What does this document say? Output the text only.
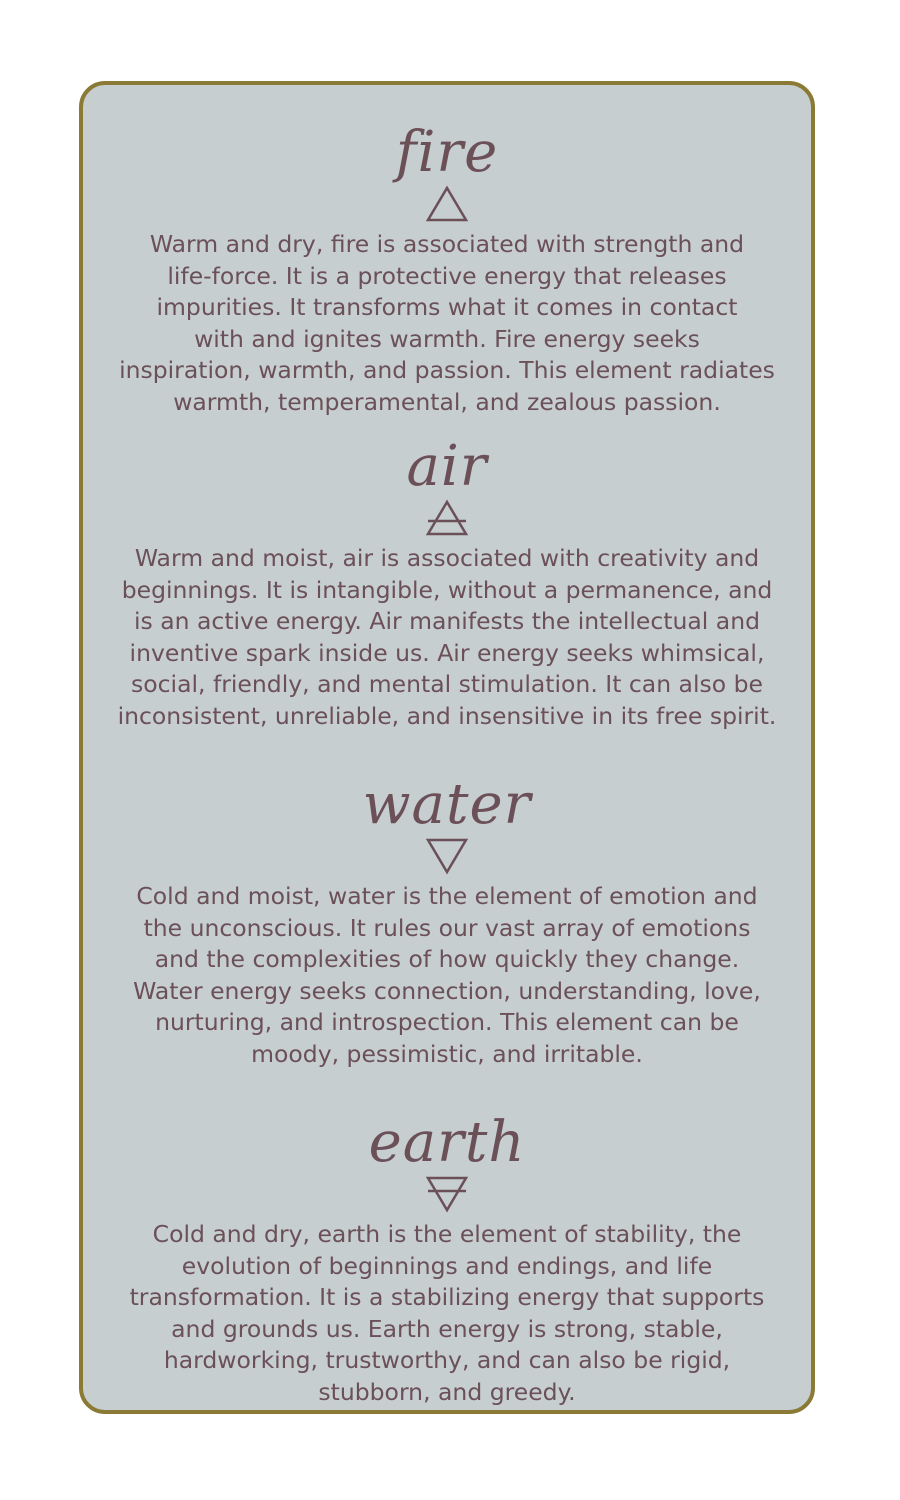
fire
Warm and dry, fire is associated with strength and
life-force. It is a protective energy that releases
impurities. It transforms what it comes in contact
with and ignites warmth. Fire energy seeks
inspiration, warmth, and passion. This element radiates
warmth, temperamental, and zealous passion.
air
Warm and moist, air is associated with creativity and
beginnings. It is intangible, without a permanence, and
is an active energy. Air manifests the intellectual and
inventive spark inside us. Air energy seeks whimsical,
social, friendly, and mental stimulation. It can also be
inconsistent, unreliable, and insensitive in its free spirit.
water
Cold and moist, water is the element of emotion and
the unconscious. It rules our vast array of emotions
and the complexities of how quickly they change.
Water energy seeks connection, understanding, love,
nurturing, and introspection. This element can be
moody, pessimistic, and irritable.
earth
Cold and dry, earth is the element of stability, the
evolution of beginnings and endings, and life
transformation. It is a stabilizing energy that supports
and grounds us. Earth energy is strong, stable,
hardworking, trustworthy, and can also be rigid,
stubborn, and greedy.
